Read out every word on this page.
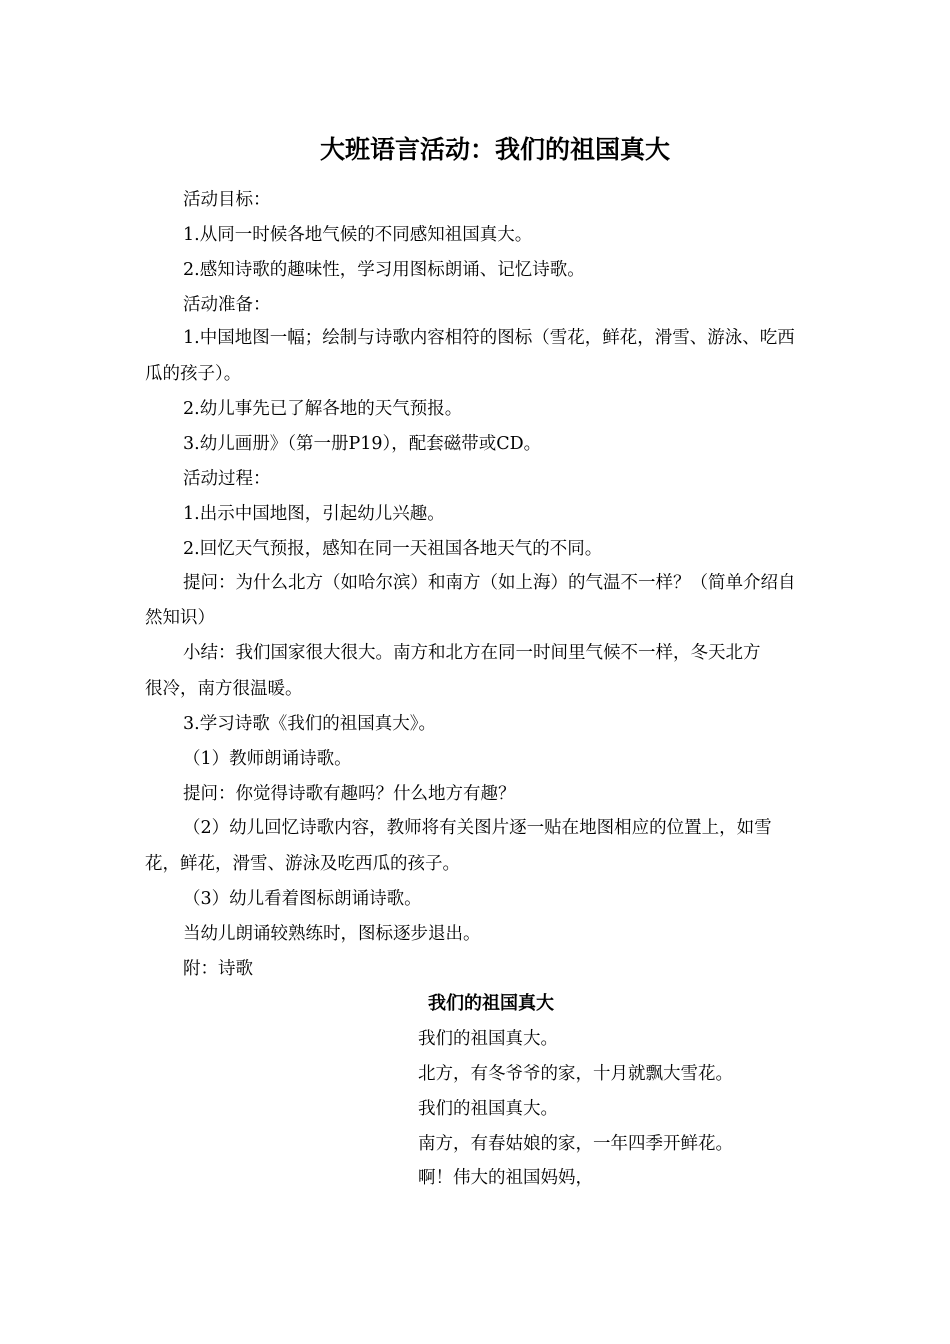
大班语言活动：我们的祖国真大
活动目标：
1.从同一时候各地气候的不同感知祖国真大。
2.感知诗歌的趣味性，学习用图标朗诵、记忆诗歌。
活动准备：
1.中国地图一幅；绘制与诗歌内容相符的图标（雪花，鲜花，滑雪、游泳、吃西
瓜的孩子）。
2.幼儿事先已了解各地的天气预报。
3.幼儿画册》（第一册P19），配套磁带或CD。
活动过程：
1.出示中国地图，引起幼儿兴趣。
2.回忆天气预报，感知在同一天祖国各地天气的不同。
提问：为什么北方（如哈尔滨）和南方（如上海）的气温不一样？（简单介绍自
然知识）
小结：我们国家很大很大。南方和北方在同一时间里气候不一样，冬天北方
很冷，南方很温暖。
3.学习诗歌《我们的祖国真大》。
（1）教师朗诵诗歌。
提问：你觉得诗歌有趣吗？什么地方有趣？
（2）幼儿回忆诗歌内容，教师将有关图片逐一贴在地图相应的位置上，如雪
花，鲜花，滑雪、游泳及吃西瓜的孩子。
（3）幼儿看着图标朗诵诗歌。
当幼儿朗诵较熟练时，图标逐步退出。
附：诗歌
我们的祖国真大
我们的祖国真大。
北方，有冬爷爷的家，十月就飘大雪花。
我们的祖国真大。
南方，有春姑娘的家，一年四季开鲜花。
啊！伟大的祖国妈妈，
